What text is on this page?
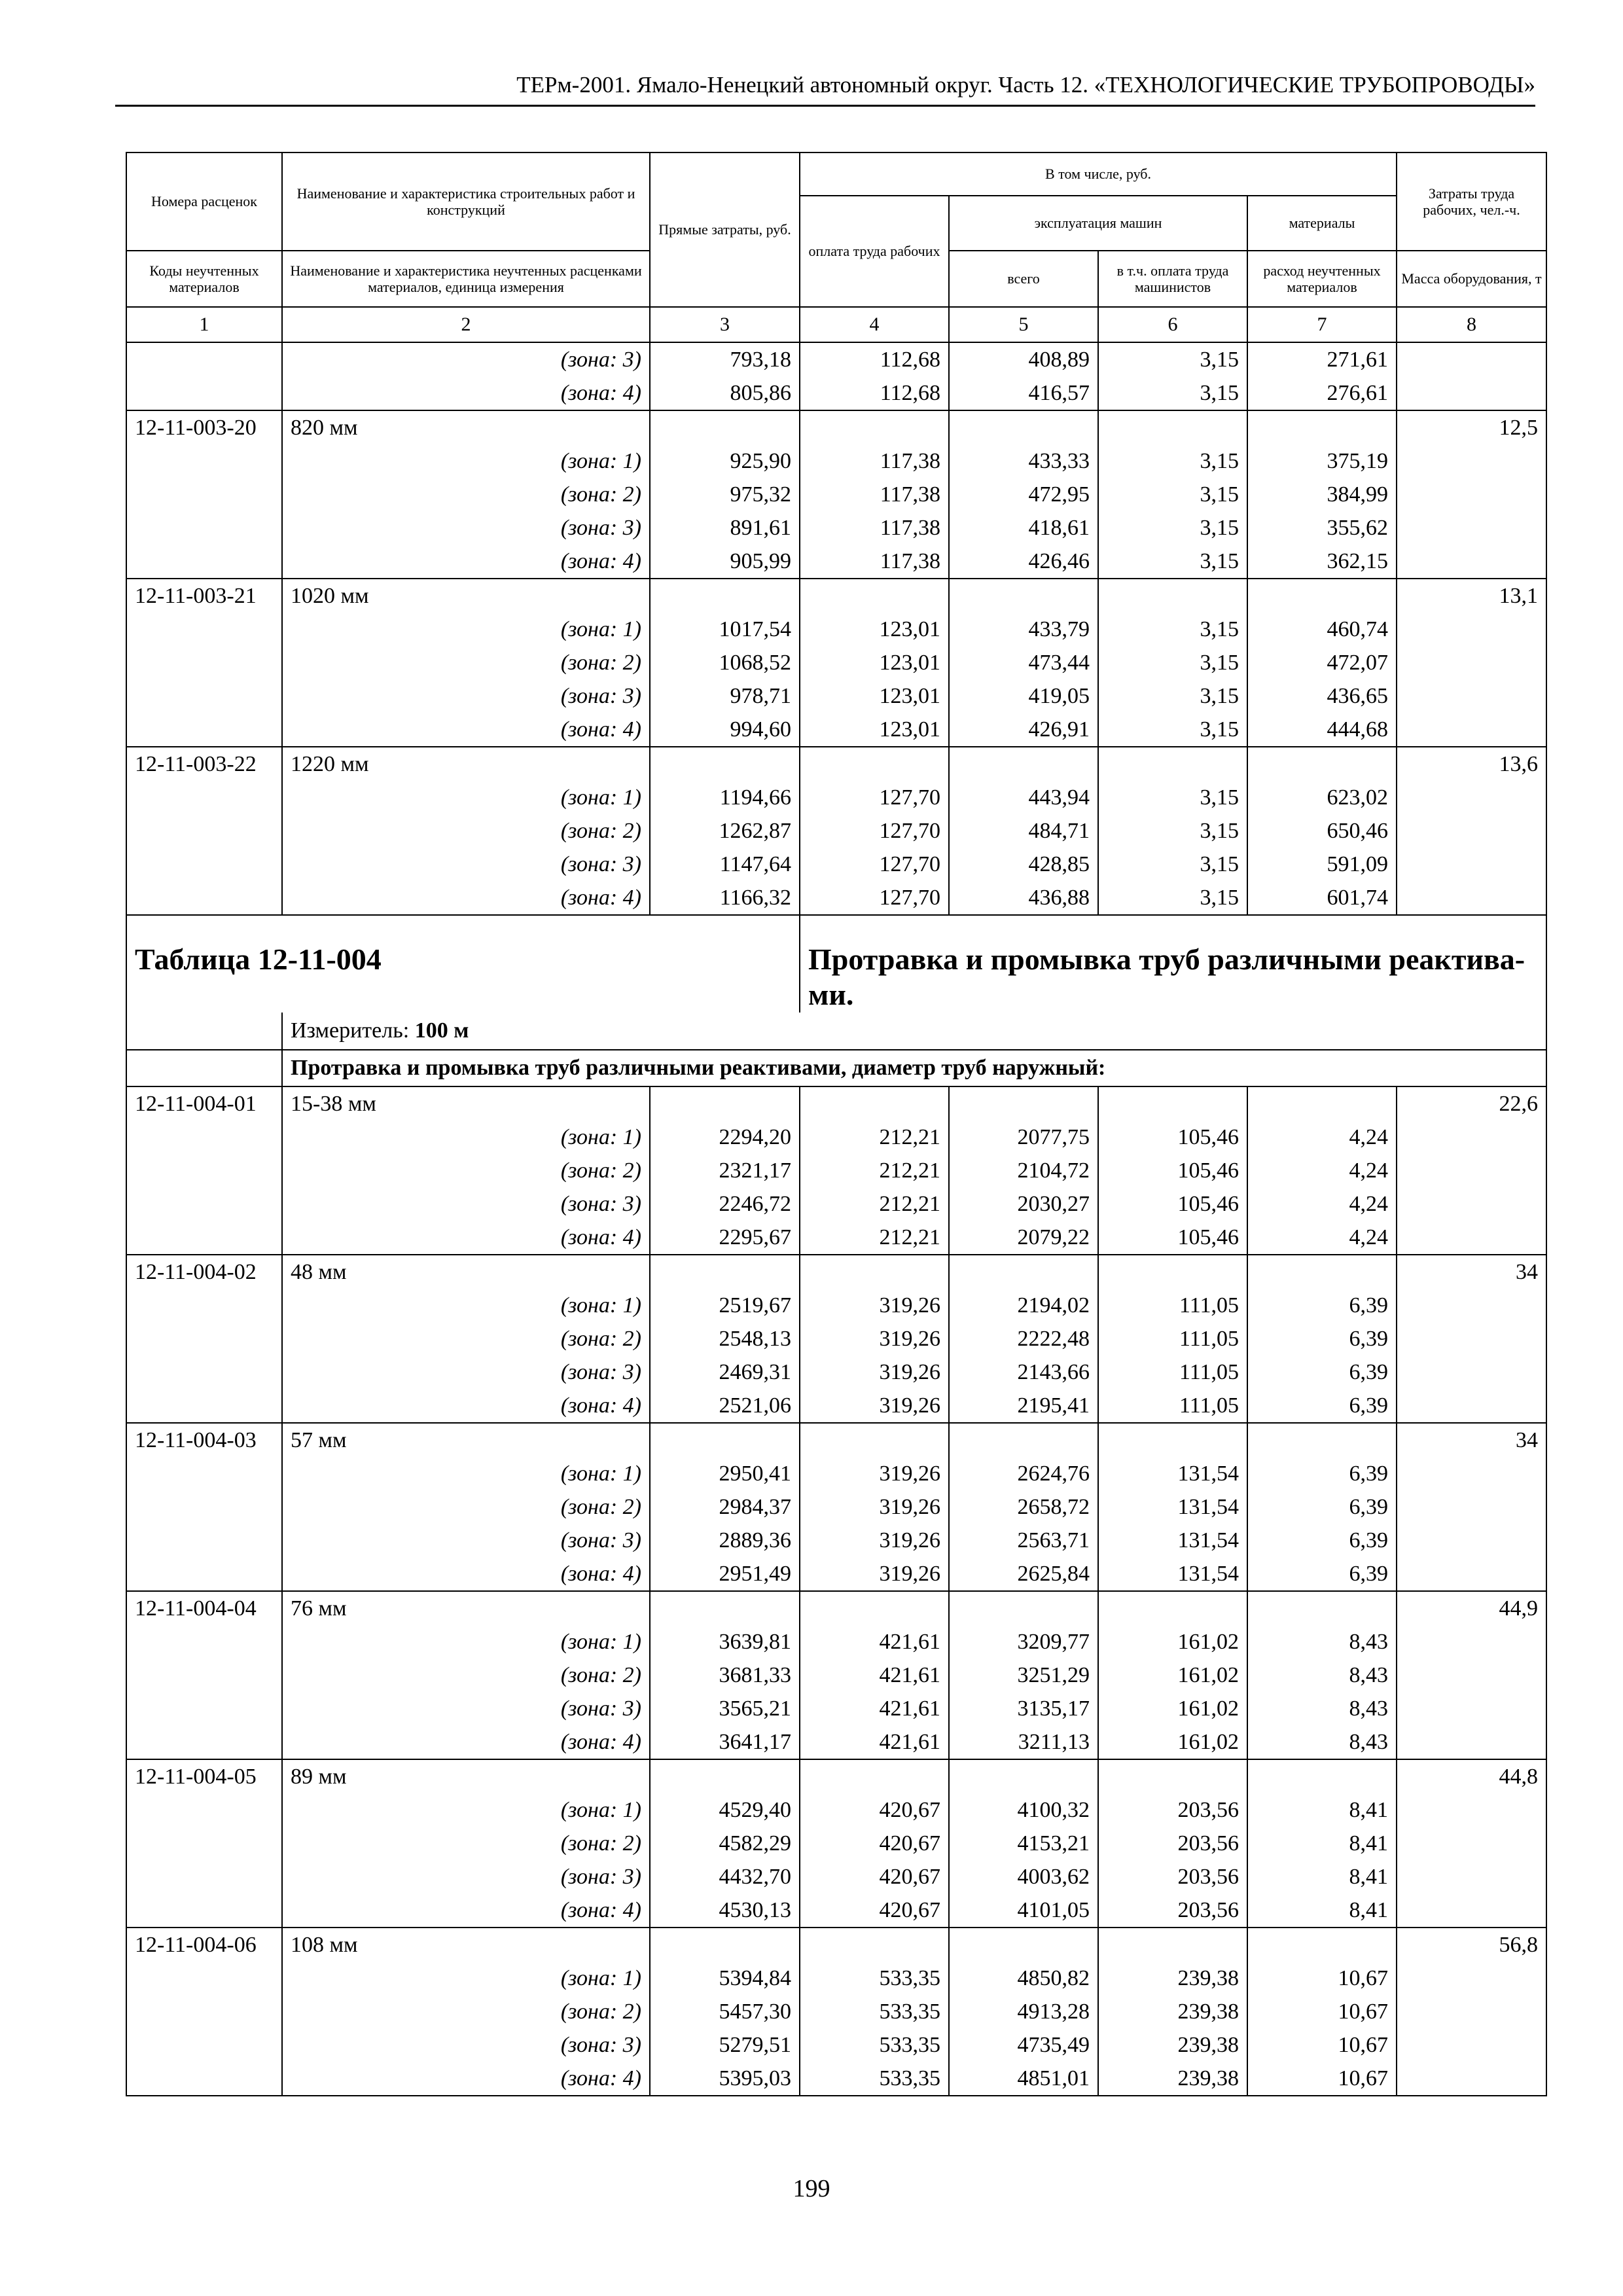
ТЕРм-2001. Ямало-Ненецкий автономный округ. Часть 12. «ТЕХНОЛОГИЧЕСКИЕ ТРУБОПРОВОДЫ»
Номера расценок	Наименование и характеристика строительных работ и конструкций	Прямые затраты, руб.	В том числе, руб.				Затраты труда рабочих, чел.-ч.
			оплата труда рабочих	эксплуатация машин		материалы	
Коды неучтенных материалов	Наименование и характеристика неучтенных расценками материалов, единица измерения			всего	в т.ч. оплата труда машинистов	расход неучтенных материалов	Масса оборудования, т
1	2	3	4	5	6	7	8
	(зона: 3)	793,18	112,68	408,89	3,15	271,61	
	(зона: 4)	805,86	112,68	416,57	3,15	276,61	
12-11-003-20	820 мм						12,5
	(зона: 1)	925,90	117,38	433,33	3,15	375,19	
	(зона: 2)	975,32	117,38	472,95	3,15	384,99	
	(зона: 3)	891,61	117,38	418,61	3,15	355,62	
	(зона: 4)	905,99	117,38	426,46	3,15	362,15	
12-11-003-21	1020 мм						13,1
	(зона: 1)	1017,54	123,01	433,79	3,15	460,74	
	(зона: 2)	1068,52	123,01	473,44	3,15	472,07	
	(зона: 3)	978,71	123,01	419,05	3,15	436,65	
	(зона: 4)	994,60	123,01	426,91	3,15	444,68	
12-11-003-22	1220 мм						13,6
	(зона: 1)	1194,66	127,70	443,94	3,15	623,02	
	(зона: 2)	1262,87	127,70	484,71	3,15	650,46	
	(зона: 3)	1147,64	127,70	428,85	3,15	591,09	
	(зона: 4)	1166,32	127,70	436,88	3,15	601,74	
Таблица 12-11-004			Протравка и промывка труб различными реактива-ми.				
	Измеритель: 100 м						
	Протравка и промывка труб различными реактивами, диаметр труб наружный:						
12-11-004-01	15-38 мм						22,6
	(зона: 1)	2294,20	212,21	2077,75	105,46	4,24	
	(зона: 2)	2321,17	212,21	2104,72	105,46	4,24	
	(зона: 3)	2246,72	212,21	2030,27	105,46	4,24	
	(зона: 4)	2295,67	212,21	2079,22	105,46	4,24	
12-11-004-02	48 мм						34
	(зона: 1)	2519,67	319,26	2194,02	111,05	6,39	
	(зона: 2)	2548,13	319,26	2222,48	111,05	6,39	
	(зона: 3)	2469,31	319,26	2143,66	111,05	6,39	
	(зона: 4)	2521,06	319,26	2195,41	111,05	6,39	
12-11-004-03	57 мм						34
	(зона: 1)	2950,41	319,26	2624,76	131,54	6,39	
	(зона: 2)	2984,37	319,26	2658,72	131,54	6,39	
	(зона: 3)	2889,36	319,26	2563,71	131,54	6,39	
	(зона: 4)	2951,49	319,26	2625,84	131,54	6,39	
12-11-004-04	76 мм						44,9
	(зона: 1)	3639,81	421,61	3209,77	161,02	8,43	
	(зона: 2)	3681,33	421,61	3251,29	161,02	8,43	
	(зона: 3)	3565,21	421,61	3135,17	161,02	8,43	
	(зона: 4)	3641,17	421,61	3211,13	161,02	8,43	
12-11-004-05	89 мм						44,8
	(зона: 1)	4529,40	420,67	4100,32	203,56	8,41	
	(зона: 2)	4582,29	420,67	4153,21	203,56	8,41	
	(зона: 3)	4432,70	420,67	4003,62	203,56	8,41	
	(зона: 4)	4530,13	420,67	4101,05	203,56	8,41	
12-11-004-06	108 мм						56,8
	(зона: 1)	5394,84	533,35	4850,82	239,38	10,67	
	(зона: 2)	5457,30	533,35	4913,28	239,38	10,67	
	(зона: 3)	5279,51	533,35	4735,49	239,38	10,67	
	(зона: 4)	5395,03	533,35	4851,01	239,38	10,67	
199
